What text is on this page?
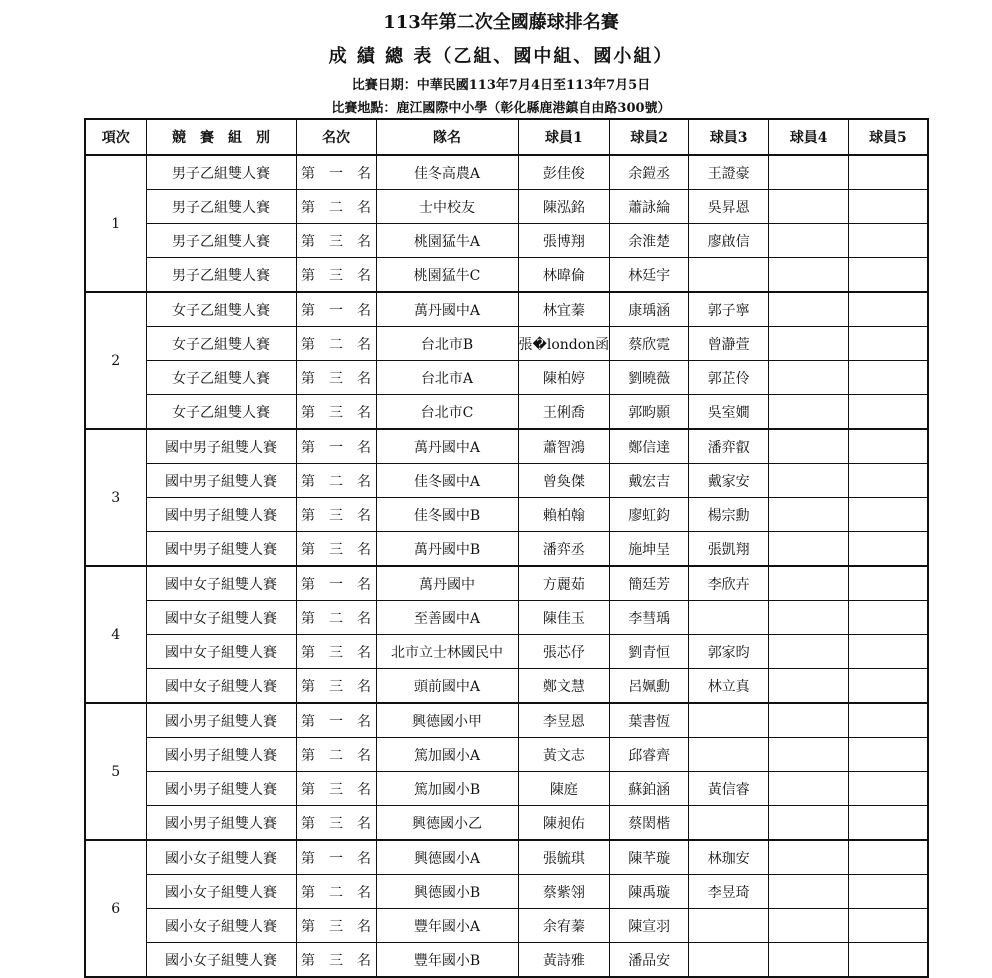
113年第二次全國藤球排名賽
成 績 總 表（乙組、國中組、國小組）
比賽日期：中華民國113年7月4日至113年7月5日
比賽地點：鹿江國際中小學（彰化縣鹿港鎮自由路300號）
項次	競　賽　組　別	名次	隊名	球員1	球員2	球員3	球員4	球員5
1	男子乙組雙人賽	第　一　名	佳冬高農A	彭佳俊	余鎧丞	王證豪		
	男子乙組雙人賽	第　二　名	士中校友	陳泓銘	蕭詠綸	吳昇恩		
	男子乙組雙人賽	第　三　名	桃園猛牛A	張博翔	余淮楚	廖啟信		
	男子乙組雙人賽	第　三　名	桃園猛牛C	林暐倫	林廷宇			
2	女子乙組雙人賽	第　一　名	萬丹國中A	林宜蓁	康瑀涵	郭子寧		
	女子乙組雙人賽	第　二　名	台北市B	張�london函	蔡欣霓	曾瀞萱		
	女子乙組雙人賽	第　三　名	台北市A	陳柏婷	劉曉薇	郭芷伶		
	女子乙組雙人賽	第　三　名	台北市C	王俐喬	郭畇顥	吳室嫺		
3	國中男子組雙人賽	第　一　名	萬丹國中A	蕭智鴻	鄭信達	潘弈叡		
	國中男子組雙人賽	第　二　名	佳冬國中A	曾奐傑	戴宏吉	戴家安		
	國中男子組雙人賽	第　三　名	佳冬國中B	賴柏翰	廖虹鈞	楊宗勳		
	國中男子組雙人賽	第　三　名	萬丹國中B	潘弈丞	施坤呈	張凱翔		
4	國中女子組雙人賽	第　一　名	萬丹國中	方麗茹	簡廷芳	李欣卉		
	國中女子組雙人賽	第　二　名	至善國中A	陳佳玉	李彗瑀			
	國中女子組雙人賽	第　三　名	北市立士林國民中	張芯伃	劉青恒	郭家昀		
	國中女子組雙人賽	第　三　名	頭前國中A	鄭文慧	呂姵勳	林立真		
5	國小男子組雙人賽	第　一　名	興德國小甲	李昱恩	葉書恆			
	國小男子組雙人賽	第　二　名	篤加國小A	黃文志	邱睿齊			
	國小男子組雙人賽	第　三　名	篤加國小B	陳庭	蘇鉑涵	黃信睿		
	國小男子組雙人賽	第　三　名	興德國小乙	陳昶佑	蔡閎楷			
6	國小女子組雙人賽	第　一　名	興德國小A	張毓琪	陳芊璇	林珈安		
	國小女子組雙人賽	第　二　名	興德國小B	蔡紫翎	陳禹璇	李昱琦		
	國小女子組雙人賽	第　三　名	豐年國小A	余宥蓁	陳宣羽			
	國小女子組雙人賽	第　三　名	豐年國小B	黃詩雅	潘品安			
